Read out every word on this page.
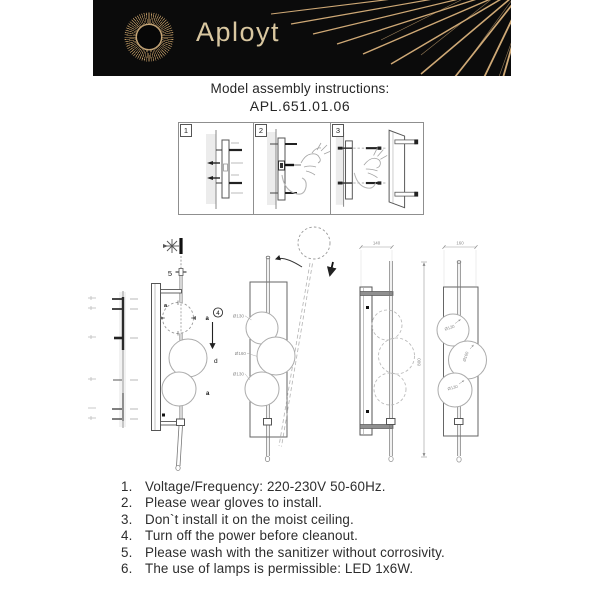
Aployt
Model assembly instructions:
APL.651.01.06
1	2	3
5
a
a
4
d
a
Ø130
Ø160
Ø130
140
800
160
Ø130
Ø160
Ø130
1. Voltage/Frequency: 220-230V 50-60Hz.
2. Please wear gloves to install.
3. Don`t install it on the moist ceiling.
4. Turn off the power before cleanout.
5. Please wash with the sanitizer without corrosivity.
6. The use of lamps is permissible: LED 1x6W.
